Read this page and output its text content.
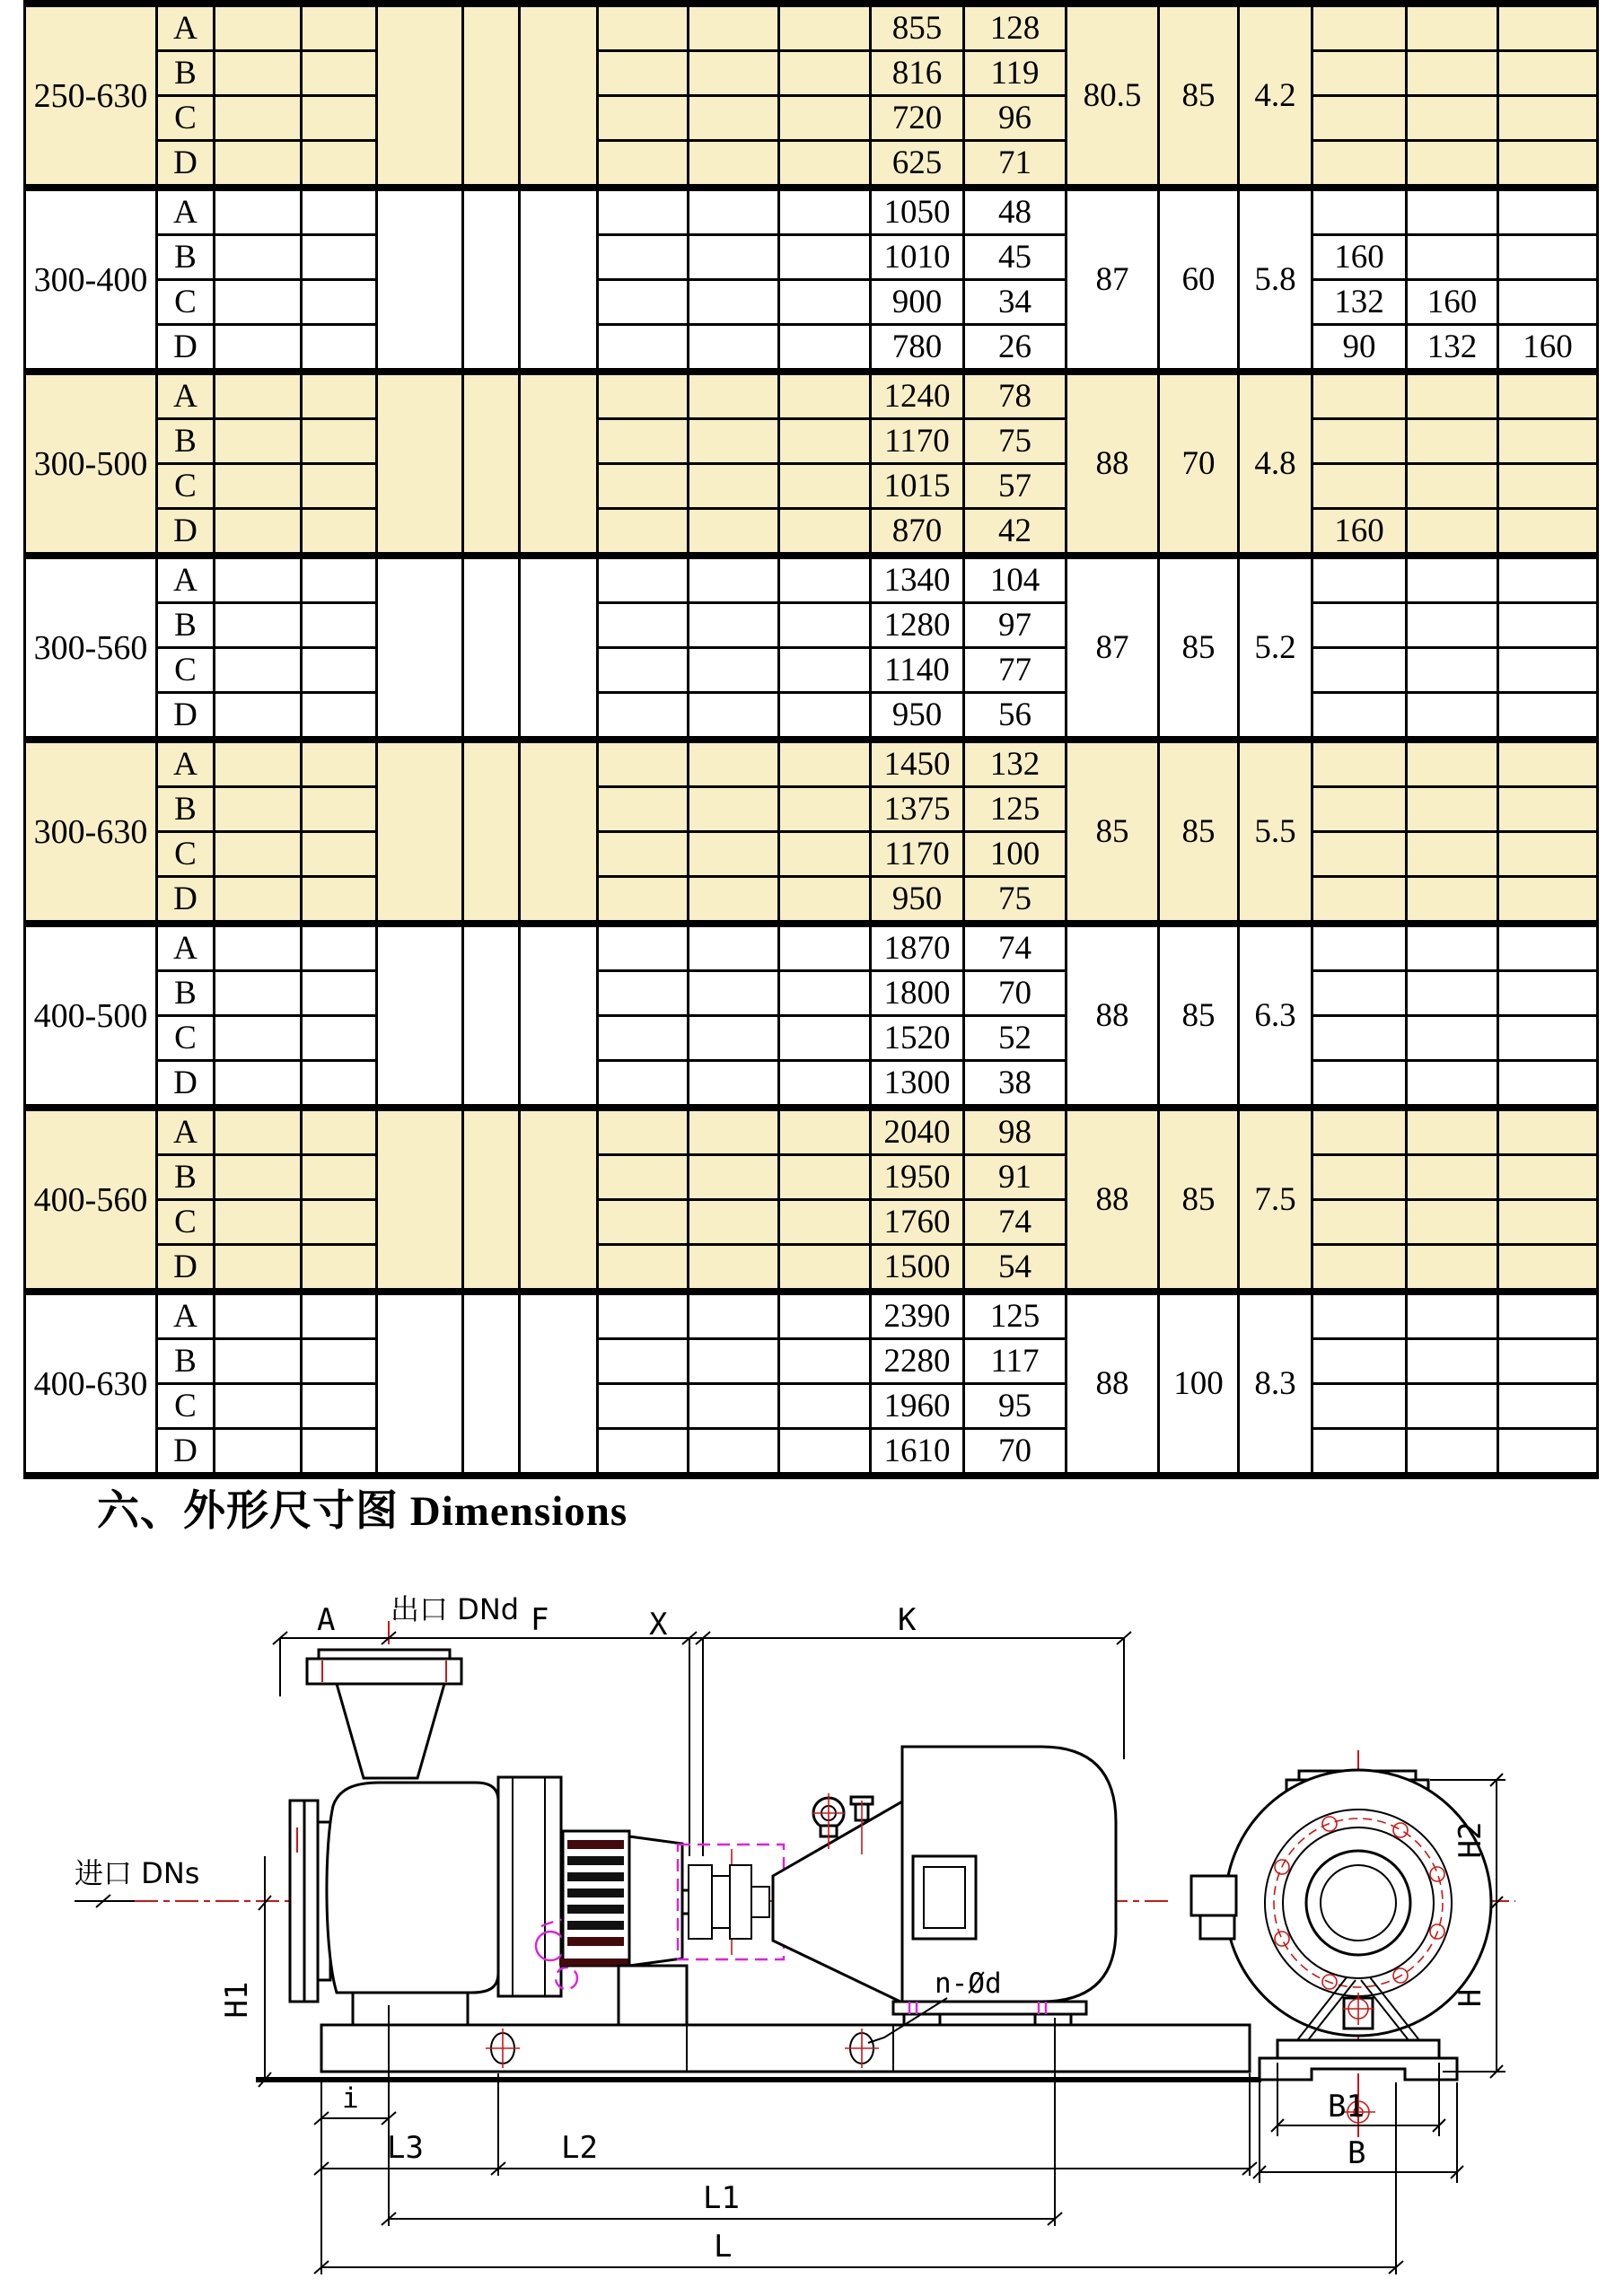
250-630	A									855	128	80.5	85	4.2			
	B									816	119						
	C									720	96						
	D									625	71						
300-400	A									1050	48	87	60	5.8			
	B									1010	45				160		
	C									900	34				132	160	
	D									780	26				90	132	160
300-500	A									1240	78	88	70	4.8			
	B									1170	75						
	C									1015	57						
	D									870	42				160		
300-560	A									1340	104	87	85	5.2			
	B									1280	97						
	C									1140	77						
	D									950	56						
300-630	A									1450	132	85	85	5.5			
	B									1375	125						
	C									1170	100						
	D									950	75						
400-500	A									1870	74	88	85	6.3			
	B									1800	70						
	C									1520	52						
	D									1300	38						
400-560	A									2040	98	88	85	7.5			
	B									1950	91						
	C									1760	74						
	D									1500	54						
400-630	A									2390	125	88	100	8.3			
	B									2280	117						
	C									1960	95						
	D									1610	70						
六、外形尺寸图 Dimensions
A 出口 DNd F	X	K
n-Ød
进口 DNs
H1
i
L3	L2
L1
L
H2
H
B1
B
